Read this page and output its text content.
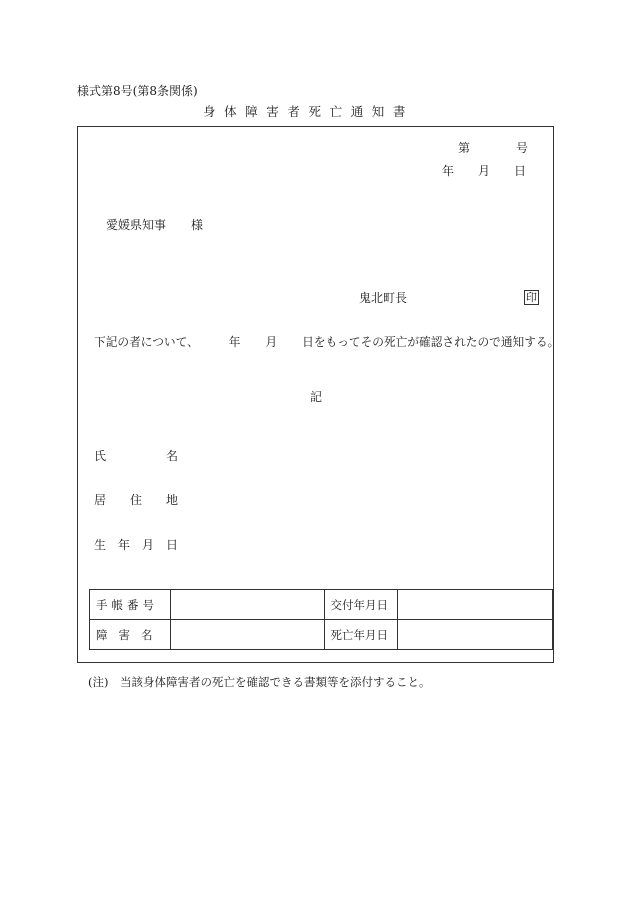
様式第8号(第8条関係)
身体障害者死亡通知書
第	号
年 月 日
愛媛県知事 様
鬼北町長	印
下記の者について、	年 月 日をもってその死亡が確認されたので通知する。
記
氏	名
居 住 地
生 年 月 日
手帳番号		交付年月日	
障害名		死亡年月日	
(注)　当該身体障害者の死亡を確認できる書類等を添付すること。
